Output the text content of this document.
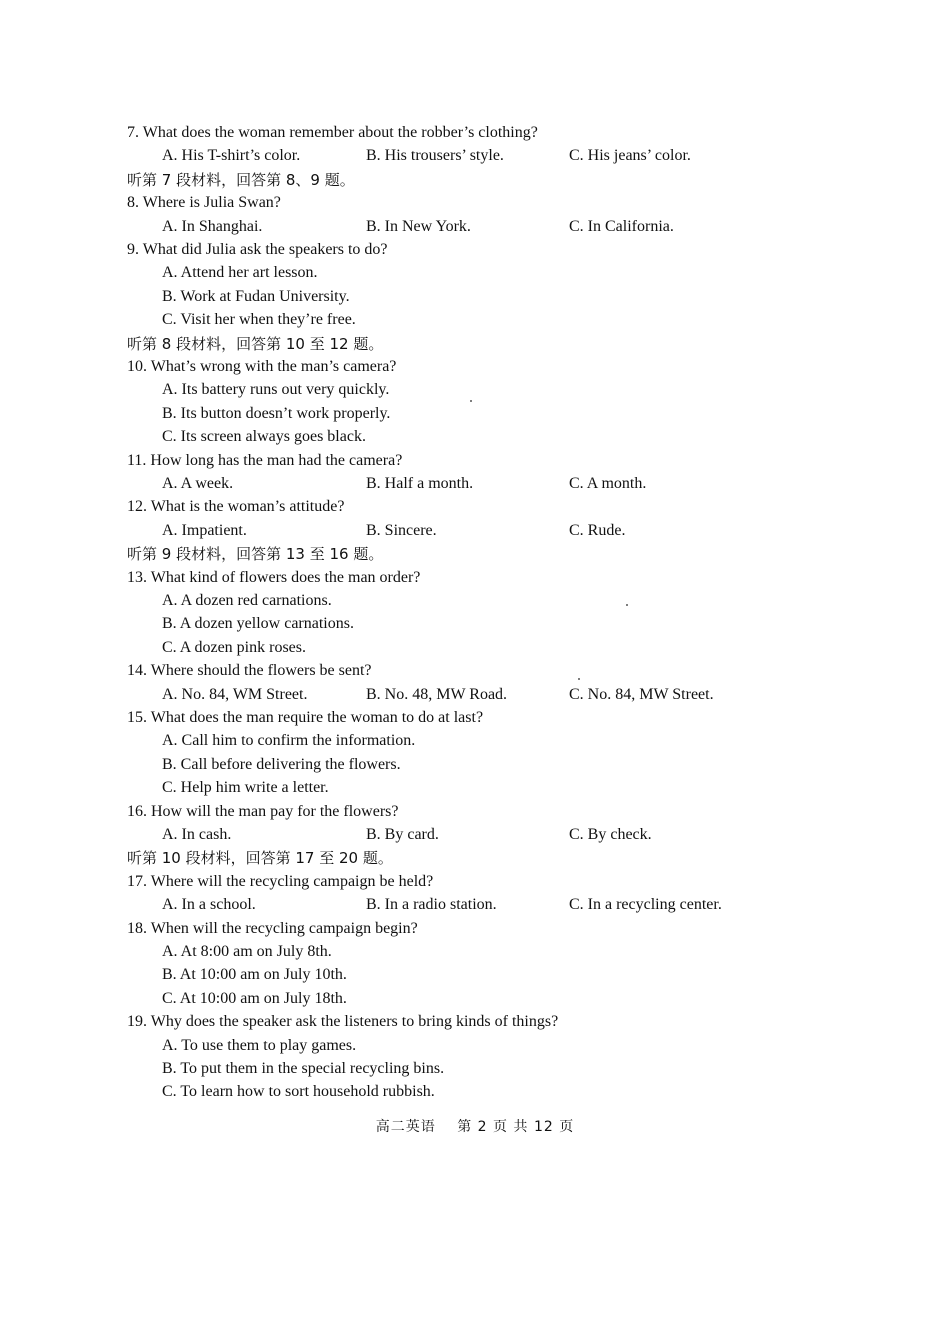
7. What does the woman remember about the robber’s clothing?
A. His T-shirt’s color.	B. His trousers’ style.	C. His jeans’ color.
听第 7 段材料，回答第 8、9 题。
8. Where is Julia Swan?
A. In Shanghai.	B. In New York.	C. In California.
9. What did Julia ask the speakers to do?
A. Attend her art lesson.
B. Work at Fudan University.
C. Visit her when they’re free.
听第 8 段材料，回答第 10 至 12 题。
10. What’s wrong with the man’s camera?
A. Its battery runs out very quickly.
B. Its button doesn’t work properly.
C. Its screen always goes black.
11. How long has the man had the camera?
A. A week.	B. Half a month.	C. A month.
12. What is the woman’s attitude?
A. Impatient.	B. Sincere.	C. Rude.
听第 9 段材料，回答第 13 至 16 题。
13. What kind of flowers does the man order?
A. A dozen red carnations.
B. A dozen yellow carnations.
C. A dozen pink roses.
14. Where should the flowers be sent?
A. No. 84, WM Street.	B. No. 48, MW Road.	C. No. 84, MW Street.
15. What does the man require the woman to do at last?
A. Call him to confirm the information.
B. Call before delivering the flowers.
C. Help him write a letter.
16. How will the man pay for the flowers?
A. In cash.	B. By card.	C. By check.
听第 10 段材料，回答第 17 至 20 题。
17. Where will the recycling campaign be held?
A. In a school.	B. In a radio station.	C. In a recycling center.
18. When will the recycling campaign begin?
A. At 8:00 am on July 8th.
B. At 10:00 am on July 10th.
C. At 10:00 am on July 18th.
19. Why does the speaker ask the listeners to bring kinds of things?
A. To use them to play games.
B. To put them in the special recycling bins.
C. To learn how to sort household rubbish.
高二英语 第 2 页 共 12 页
